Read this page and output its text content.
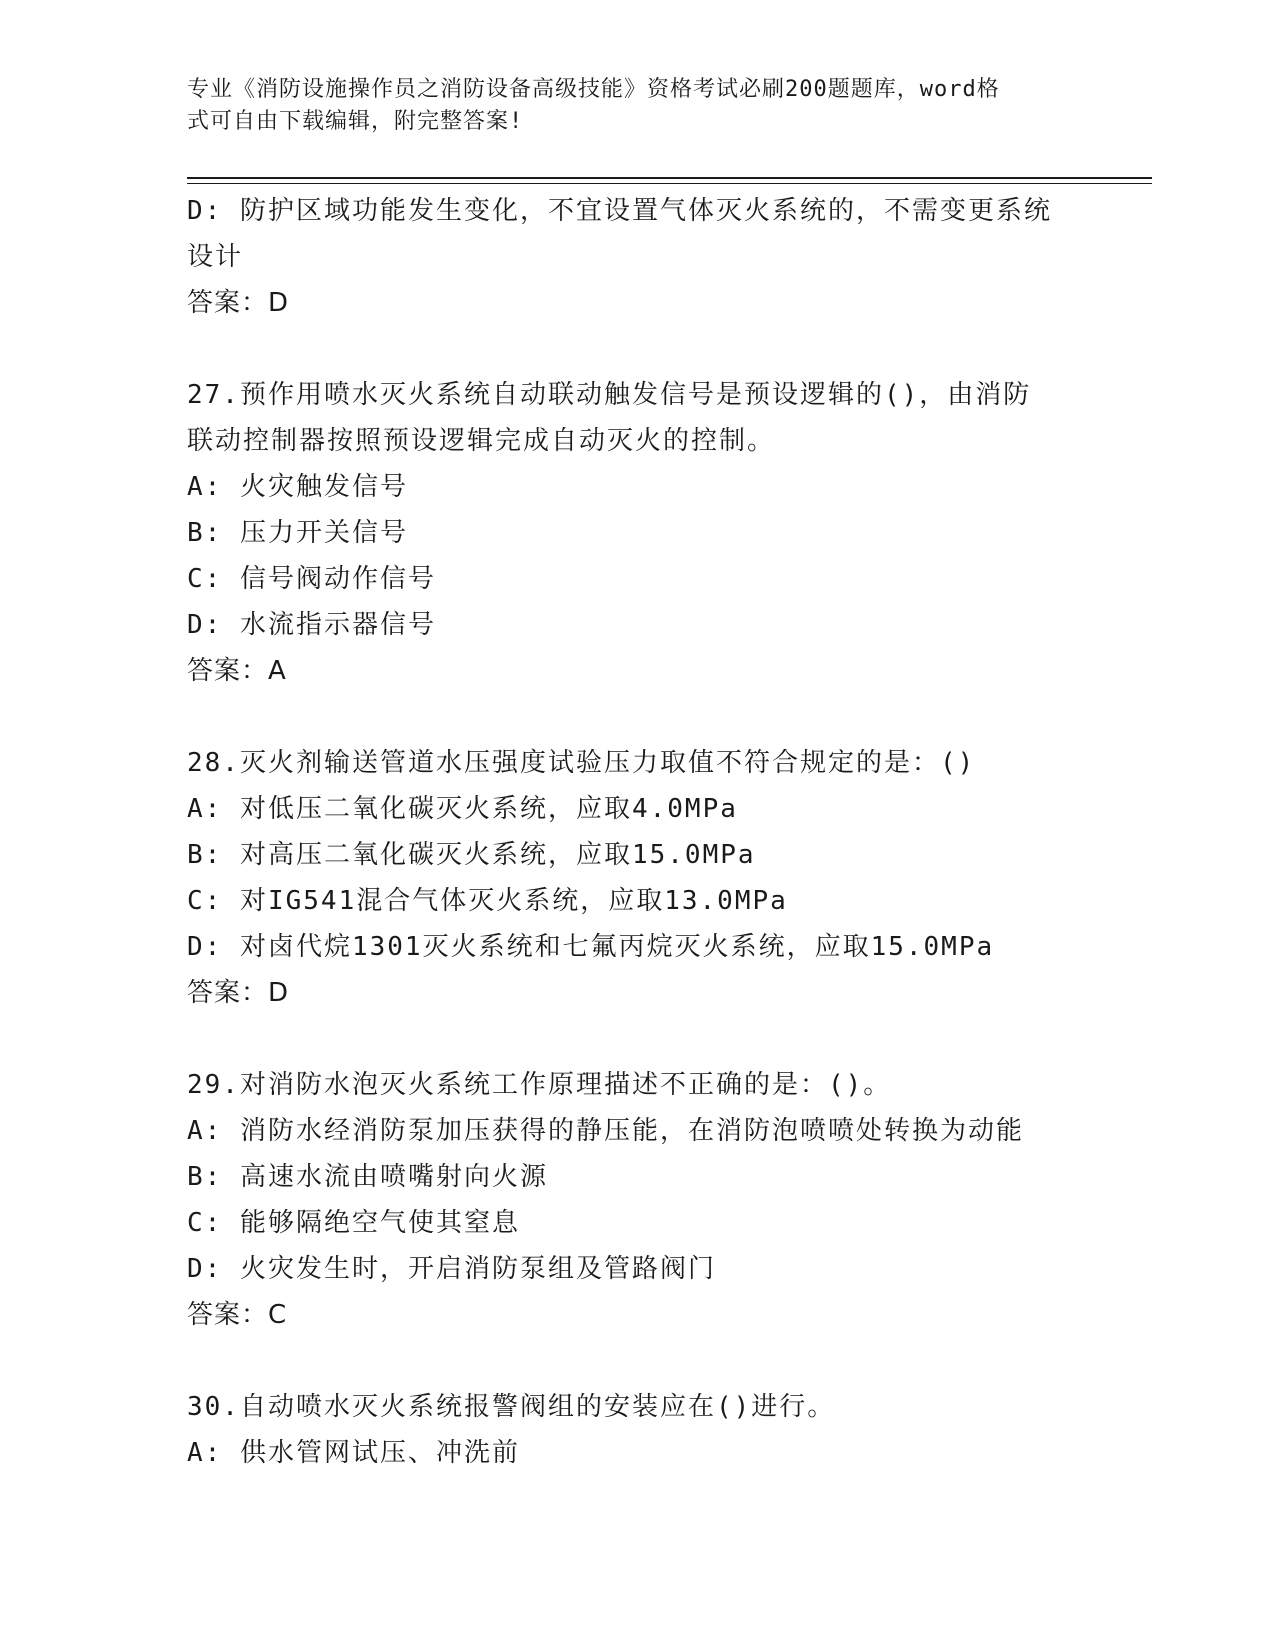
专业《消防设施操作员之消防设备高级技能》资格考试必刷200题题库，word格
式可自由下载编辑，附完整答案!
D: 防护区域功能发生变化，不宜设置气体灭火系统的，不需变更系统
设计
答案：D
27.预作用喷水灭火系统自动联动触发信号是预设逻辑的()，由消防
联动控制器按照预设逻辑完成自动灭火的控制。
A: 火灾触发信号
B: 压力开关信号
C: 信号阀动作信号
D: 水流指示器信号
答案：A
28.灭火剂输送管道水压强度试验压力取值不符合规定的是：()
A: 对低压二氧化碳灭火系统，应取4.0MPa
B: 对高压二氧化碳灭火系统，应取15.0MPa
C: 对IG541混合气体灭火系统，应取13.0MPa
D: 对卤代烷1301灭火系统和七氟丙烷灭火系统，应取15.0MPa
答案：D
29.对消防水泡灭火系统工作原理描述不正确的是：()。
A: 消防水经消防泵加压获得的静压能，在消防泡喷喷处转换为动能
B: 高速水流由喷嘴射向火源
C: 能够隔绝空气使其窒息
D: 火灾发生时，开启消防泵组及管路阀门
答案：C
30.自动喷水灭火系统报警阀组的安装应在()进行。
A: 供水管网试压、冲洗前
